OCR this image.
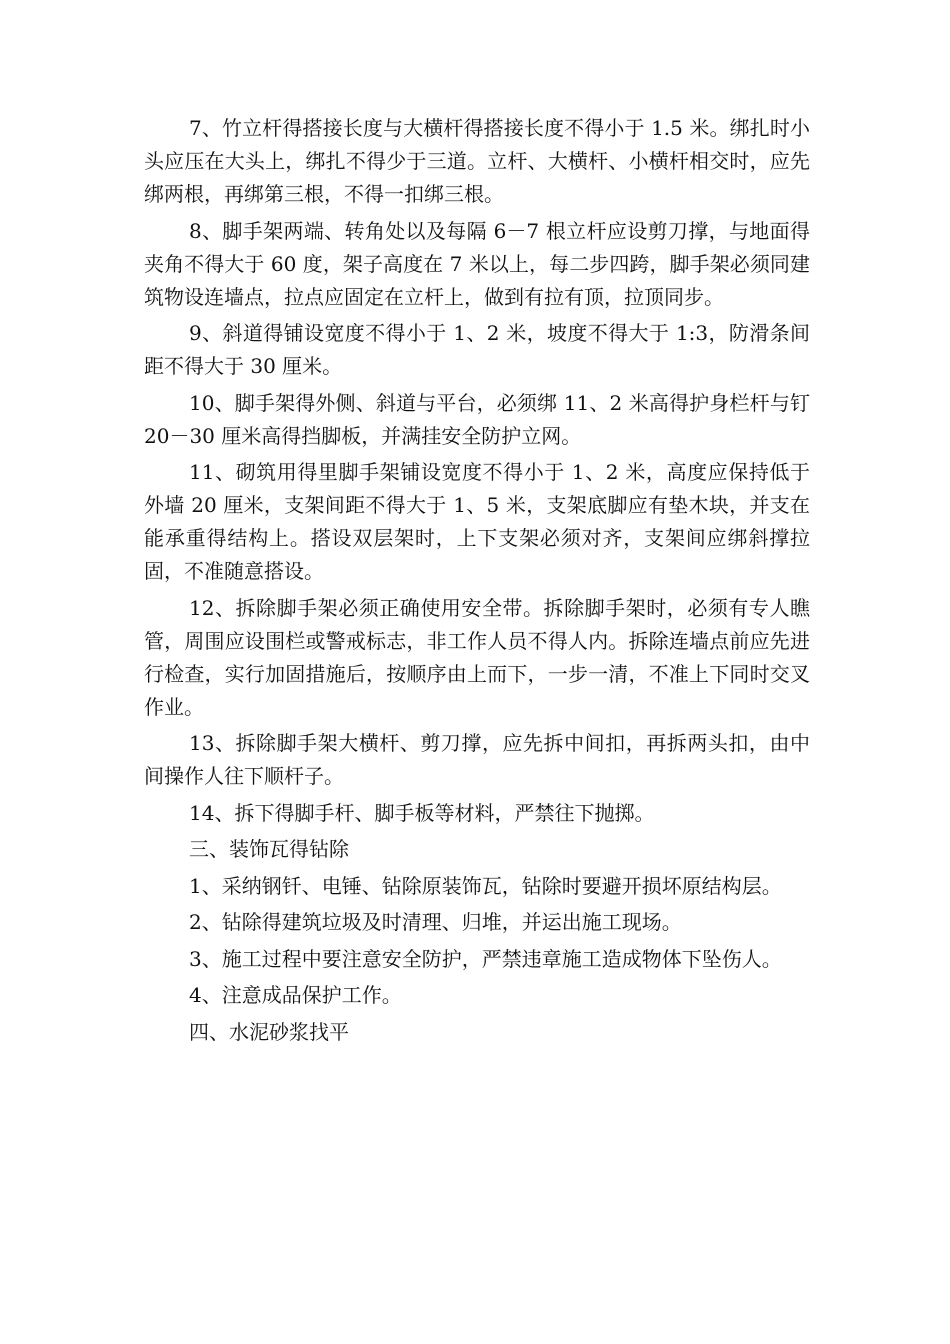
7、竹立杆得搭接长度与大横杆得搭接长度不得小于 1.5 米。绑扎时小头应压在大头上，绑扎不得少于三道。立杆、大横杆、小横杆相交时，应先绑两根，再绑第三根，不得一扣绑三根。

8、脚手架两端、转角处以及每隔 6－7 根立杆应设剪刀撑，与地面得夹角不得大于 60 度，架子高度在 7 米以上，每二步四跨，脚手架必须同建筑物设连墙点，拉点应固定在立杆上，做到有拉有顶，拉顶同步。

9、斜道得铺设宽度不得小于 1、2 米，坡度不得大于 1:3，防滑条间距不得大于 30 厘米。

10、脚手架得外侧、斜道与平台，必须绑 11、2 米高得护身栏杆与钉 20－30 厘米高得挡脚板，并满挂安全防护立网。

11、砌筑用得里脚手架铺设宽度不得小于 1、2 米，高度应保持低于外墙 20 厘米，支架间距不得大于 1、5 米，支架底脚应有垫木块，并支在能承重得结构上。搭设双层架时，上下支架必须对齐，支架间应绑斜撑拉固，不准随意搭设。

12、拆除脚手架必须正确使用安全带。拆除脚手架时，必须有专人瞧管，周围应设围栏或警戒标志，非工作人员不得人内。拆除连墙点前应先进行检查，实行加固措施后，按顺序由上而下，一步一清，不准上下同时交叉作业。

13、拆除脚手架大横杆、剪刀撑，应先拆中间扣，再拆两头扣，由中间操作人往下顺杆子。

14、拆下得脚手杆、脚手板等材料，严禁往下抛掷。

三、装饰瓦得钻除

1、采纳钢钎、电锤、钻除原装饰瓦，钻除时要避开损坏原结构层。

2、钻除得建筑垃圾及时清理、归堆，并运出施工现场。

3、施工过程中要注意安全防护，严禁违章施工造成物体下坠伤人。

4、注意成品保护工作。

四、水泥砂浆找平
